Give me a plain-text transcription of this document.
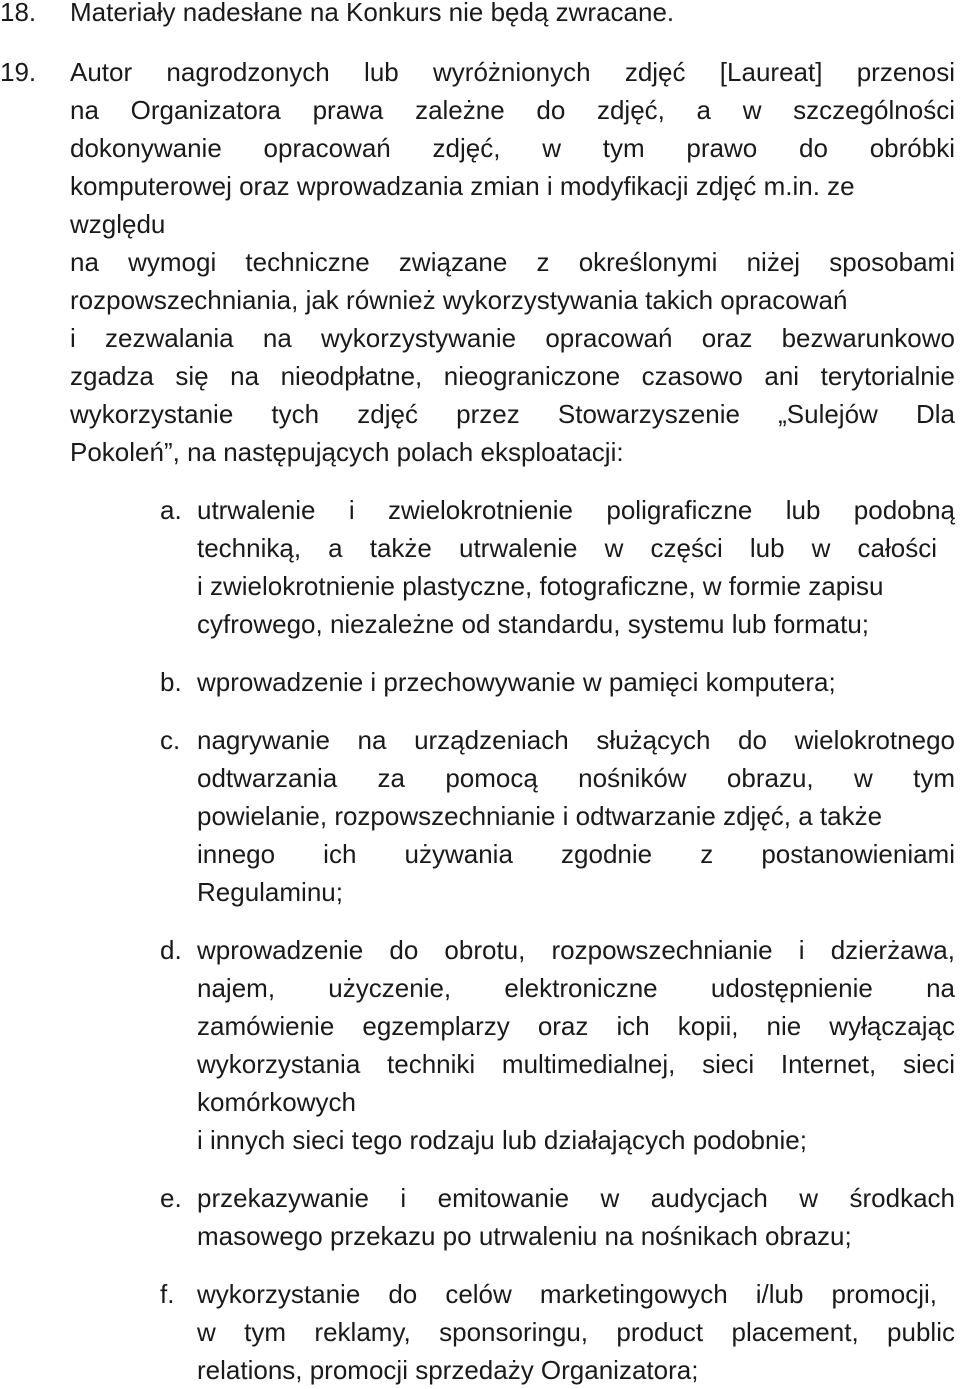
18. Materiały nadesłane na Konkurs nie będą zwracane.
19. Autor nagrodzonych lub wyróżnionych zdjęć [Laureat] przenosi
na Organizatora prawa zależne do zdjęć, a w szczególności
dokonywanie opracowań zdjęć, w tym prawo do obróbki
komputerowej oraz wprowadzania zmian i modyfikacji zdjęć m.in. ze
względu
na wymogi techniczne związane z określonymi niżej sposobami
rozpowszechniania, jak również wykorzystywania takich opracowań
i zezwalania na wykorzystywanie opracowań oraz bezwarunkowo
zgadza się na nieodpłatne, nieograniczone czasowo ani terytorialnie
wykorzystanie tych zdjęć przez Stowarzyszenie „Sulejów Dla
Pokoleń”, na następujących polach eksploatacji:
a. utrwalenie i zwielokrotnienie poligraficzne lub podobną
techniką, a także utrwalenie w części lub w całości
i zwielokrotnienie plastyczne, fotograficzne, w formie zapisu
cyfrowego, niezależne od standardu, systemu lub formatu;
b. wprowadzenie i przechowywanie w pamięci komputera;
c. nagrywanie na urządzeniach służących do wielokrotnego
odtwarzania za pomocą nośników obrazu, w tym
powielanie, rozpowszechnianie i odtwarzanie zdjęć, a także
innego ich używania zgodnie z postanowieniami
Regulaminu;
d. wprowadzenie do obrotu, rozpowszechnianie i dzierżawa,
najem, użyczenie, elektroniczne udostępnienie na
zamówienie egzemplarzy oraz ich kopii, nie wyłączając
wykorzystania techniki multimedialnej, sieci Internet, sieci
komórkowych
i innych sieci tego rodzaju lub działających podobnie;
e. przekazywanie i emitowanie w audycjach w środkach
masowego przekazu po utrwaleniu na nośnikach obrazu;
f. wykorzystanie do celów marketingowych i/lub promocji,
w tym reklamy, sponsoringu, product placement, public
relations, promocji sprzedaży Organizatora;
